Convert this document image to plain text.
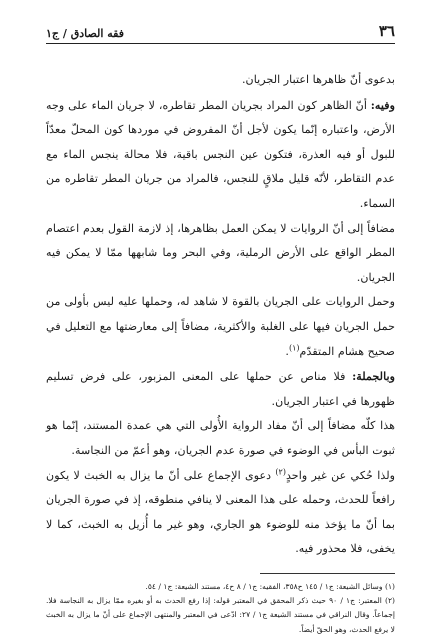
٣٦
فقه الصادق / ج١

بدعوى أنّ ظاهرها اعتبار الجريان.

وفيه: أنّ الظاهر كون المراد بجريان المطر تقاطره، لا جريان الماء على وجه الأرض، واعتباره إنّما يكون لأجل أنّ المفروض في موردها كون المحلّ معدّاً للبول أو فيه العذرة، فتكون عين النجس باقية، فلا محالة ينجس الماء مع عدم التقاطر، لأنّه قليل ملاقٍ للنجس، فالمراد من جريان المطر تقاطره من السماء.

مضافاً إلى أنّ الروايات لا يمكن العمل بظاهرها، إذ لازمة القول بعدم اعتصام المطر الواقع على الأرض الرملية، وفي البحر وما شابهها ممّا لا يمكن فيه الجريان.

وحمل الروايات على الجريان بالقوة لا شاهد له، وحملها عليه ليس بأولى من حمل الجريان فيها على الغلبة والأكثرية، مضافاً إلى معارضتها مع التعليل في صحيح هشام المتقدّم$^{(١)}$.

وبالجملة: فلا مناص عن حملها على المعنى المزبور، على فرض تسليم ظهورها في اعتبار الجريان.

هذا كلّه مضافاً إلى أنّ مفاد الرواية الأُولى التي هي عمدة المستند، إنّما هو ثبوت البأس في الوضوء في صورة عدم الجريان، وهو أعمّ من النجاسة.

ولذا حُكي عن غير واحدٍ$^{(٢)}$ دعوى الإجماع على أنّ ما يزال به الخبث لا يكون رافعاً للحدث، وحمله على هذا المعنى لا ينافي منطوقه، إذ في صورة الجريان بما أنّ ما يؤخذ منه للوضوء هو الجاري، وهو غير ما أُزيل به الخبث، كما لا يخفى، فلا محذور فيه.

(١) وسائل الشيعة: ج١ / ١٤٥ ح٣٥٨، الفقيه: ج١ / ٨ ح٤، مستند الشيعة: ج١ / ٥٤.

(٢) المعتبر: ج١ / ٩٠ حيث ذكر المحقق في المعتبر قوله: إذا رفع الحدث به أو بغيره ممّا يزال به النجاسة فلا. إجماعاً. وقال النراقي في مستند الشيعة ج١ / ٢٧: ادّعى في المعتبر والمنتهى الإجماع على أنّ ما يزال به الخبث لا يرفع الحدث، وهو الحقّ أيضاً.
